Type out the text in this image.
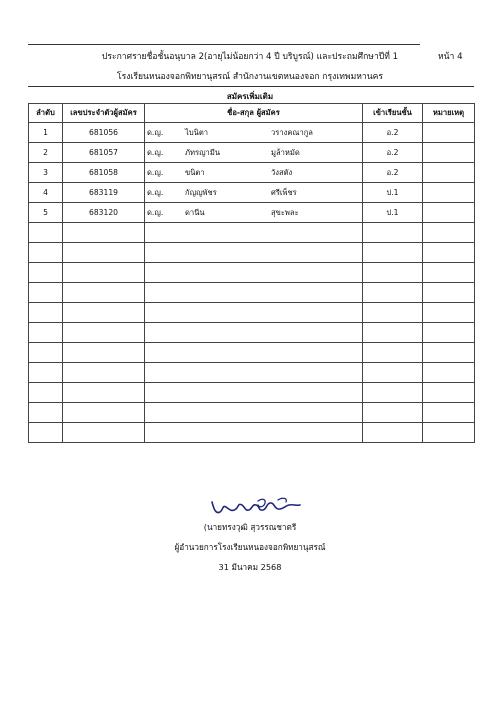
ประกาศรายชื่อชั้นอนุบาล 2(อายุไม่น้อยกว่า 4 ปี บริบูรณ์) และประถมศึกษาปีที่ 1	หน้า 4
โรงเรียนหนองจอกพิทยานุสรณ์ สำนักงานเขตหนองจอก กรุงเทพมหานคร
สมัครเพิ่มเติม
ลำดับ	เลขประจำตัวผู้สมัคร	ชื่อ-สกุล ผู้สมัคร	เข้าเรียนชั้น	หมายเหตุ
1	681056	ด.ญ. ไบนิตา วรางคณากูล	อ.2	
2	681057	ด.ญ. ภัทรญามีน มูล้าหมัด	อ.2	
3	681058	ด.ญ. ขนิตา วังสตัง	อ.2	
4	683119	ด.ญ. กัญญพัชร ศรีเพ็ชร	ป.1	
5	683120	ด.ญ. ดานีน สุขะพละ	ป.1	

(นายทรงวุฒิ สุวรรณชาตรี
ผู้อำนวยการโรงเรียนหนองจอกพิทยานุสรณ์
31 มีนาคม 2568
